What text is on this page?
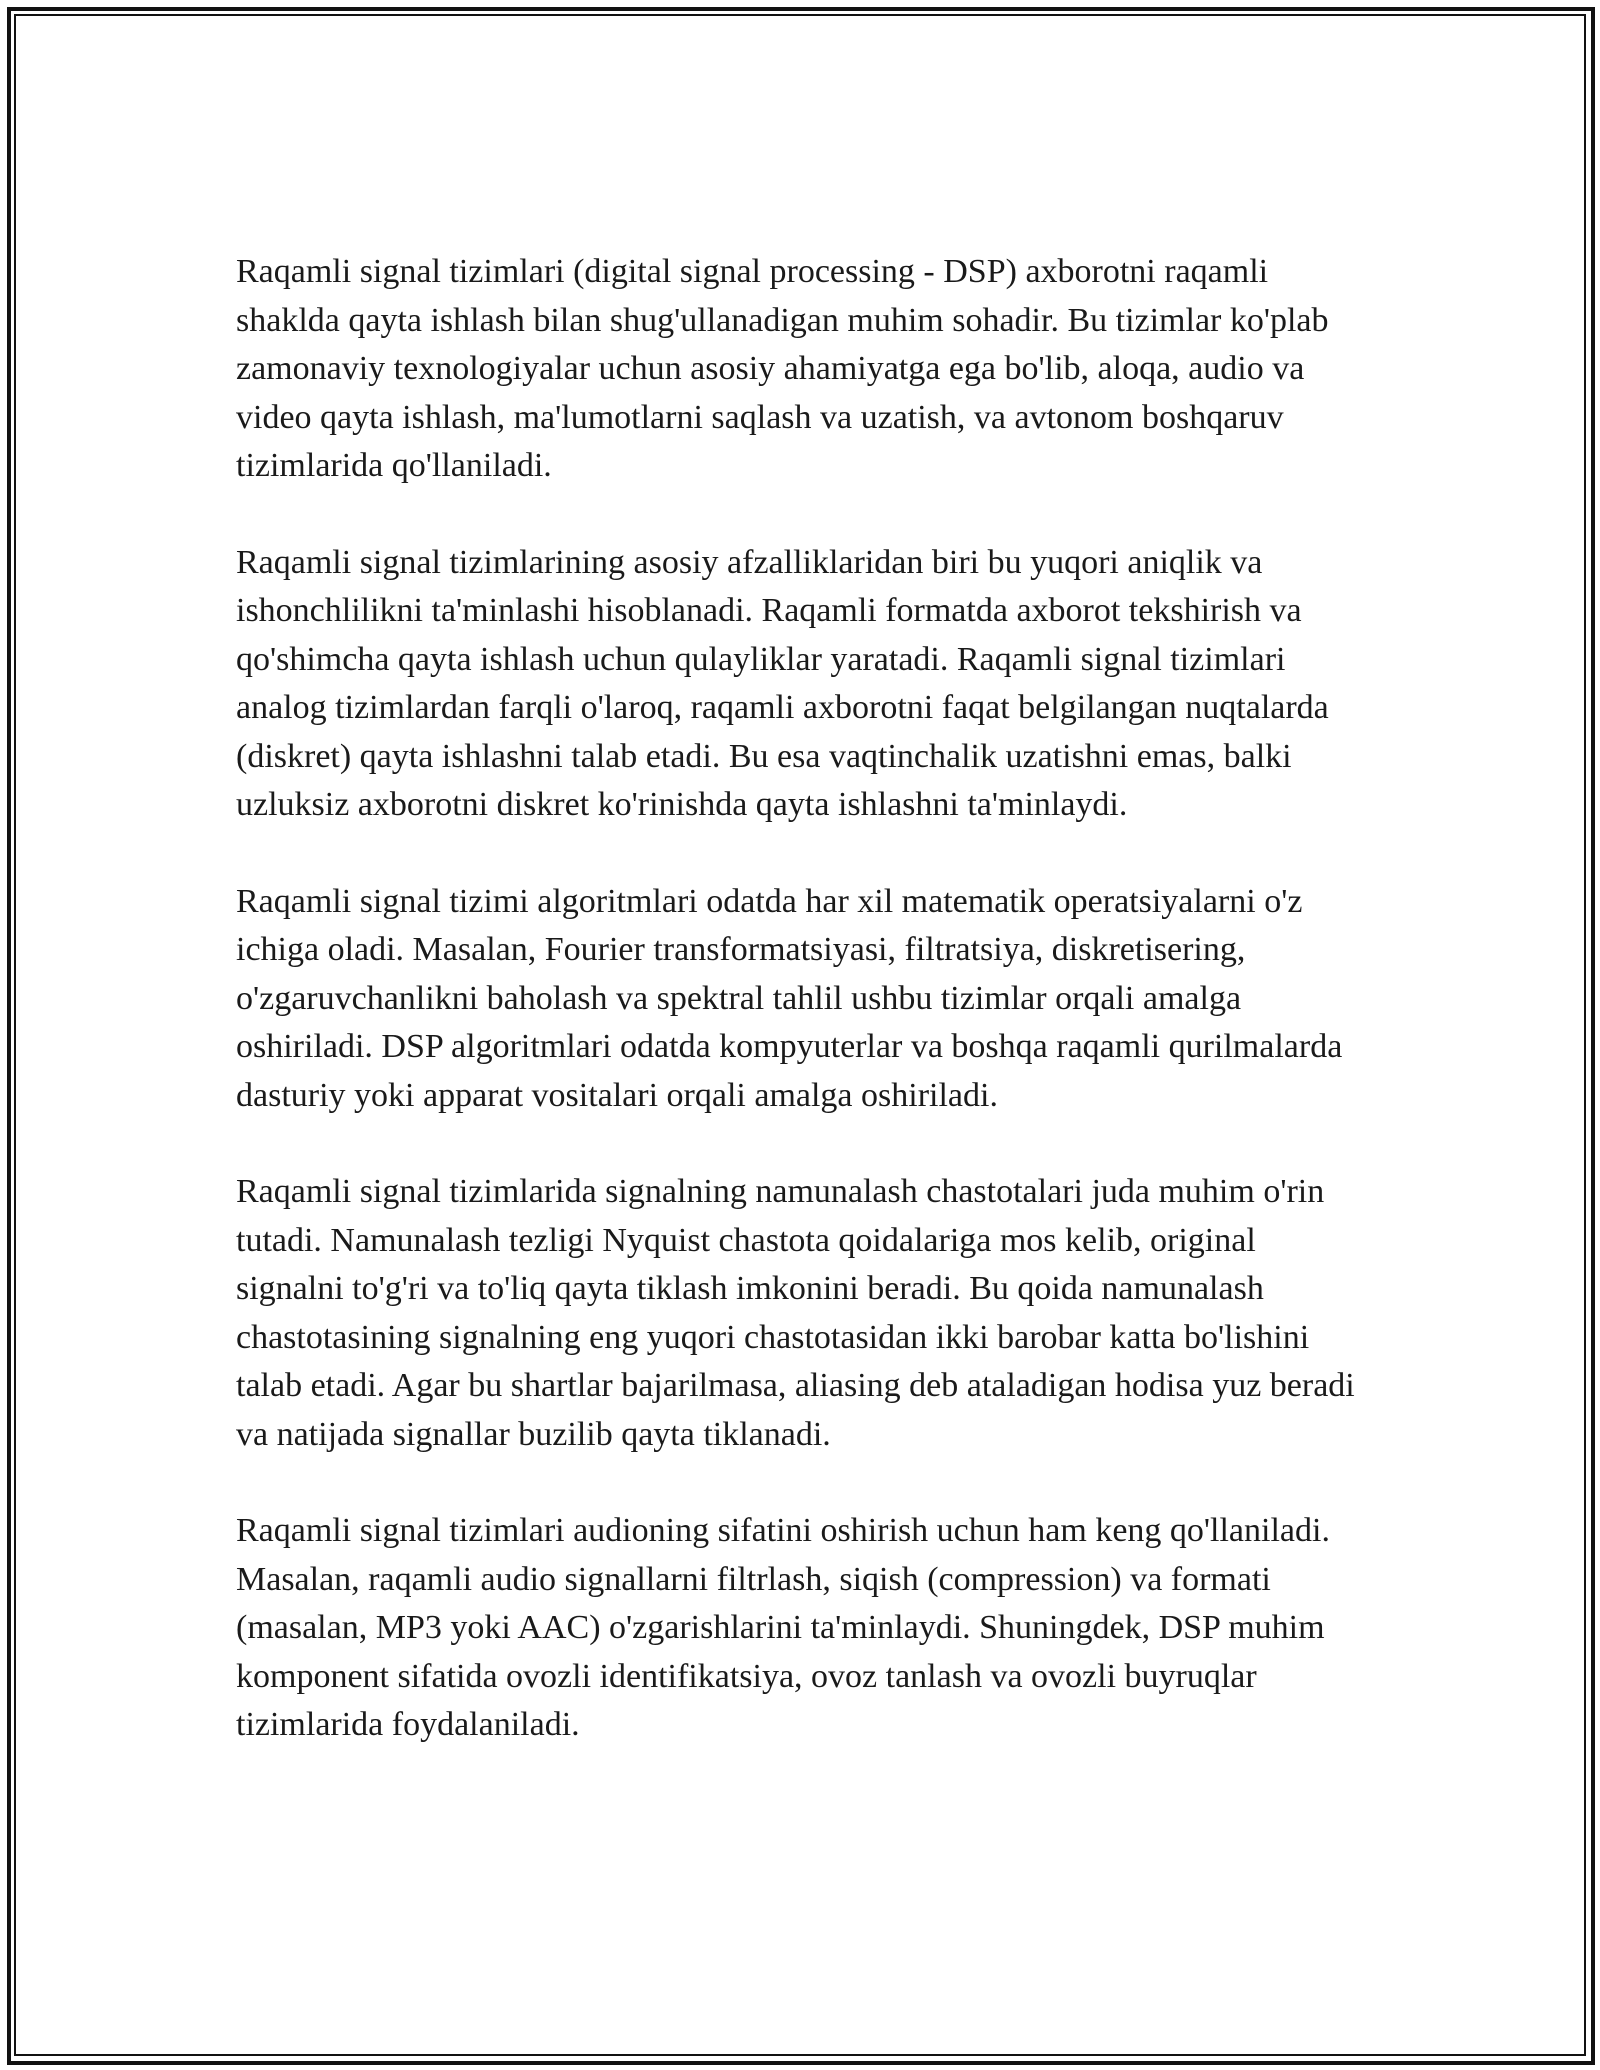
Raqamli signal tizimlari (digital signal processing - DSP) axborotni raqamli shaklda qayta ishlash bilan shug'ullanadigan muhim sohadir. Bu tizimlar ko'plab zamonaviy texnologiyalar uchun asosiy ahamiyatga ega bo'lib, aloqa, audio va video qayta ishlash, ma'lumotlarni saqlash va uzatish, va avtonom boshqaruv tizimlarida qo'llaniladi.

Raqamli signal tizimlarining asosiy afzalliklaridan biri bu yuqori aniqlik va ishonchlilikni ta'minlashi hisoblanadi. Raqamli formatda axborot tekshirish va qo'shimcha qayta ishlash uchun qulayliklar yaratadi. Raqamli signal tizimlari analog tizimlardan farqli o'laroq, raqamli axborotni faqat belgilangan nuqtalarda (diskret) qayta ishlashni talab etadi. Bu esa vaqtinchalik uzatishni emas, balki uzluksiz axborotni diskret ko'rinishda qayta ishlashni ta'minlaydi.

Raqamli signal tizimi algoritmlari odatda har xil matematik operatsiyalarni o'z ichiga oladi. Masalan, Fourier transformatsiyasi, filtratsiya, diskretisering, o'zgaruvchanlikni baholash va spektral tahlil ushbu tizimlar orqali amalga oshiriladi. DSP algoritmlari odatda kompyuterlar va boshqa raqamli qurilmalarda dasturiy yoki apparat vositalari orqali amalga oshiriladi.

Raqamli signal tizimlarida signalning namunalash chastotalari juda muhim o'rin tutadi. Namunalash tezligi Nyquist chastota qoidalariga mos kelib, original signalni to'g'ri va to'liq qayta tiklash imkonini beradi. Bu qoida namunalash chastotasining signalning eng yuqori chastotasidan ikki barobar katta bo'lishini talab etadi. Agar bu shartlar bajarilmasa, aliasing deb ataladigan hodisa yuz beradi va natijada signallar buzilib qayta tiklanadi.

Raqamli signal tizimlari audioning sifatini oshirish uchun ham keng qo'llaniladi. Masalan, raqamli audio signallarni filtrlash, siqish (compression) va formati (masalan, MP3 yoki AAC) o'zgarishlarini ta'minlaydi. Shuningdek, DSP muhim komponent sifatida ovozli identifikatsiya, ovoz tanlash va ovozli buyruqlar tizimlarida foydalaniladi.
